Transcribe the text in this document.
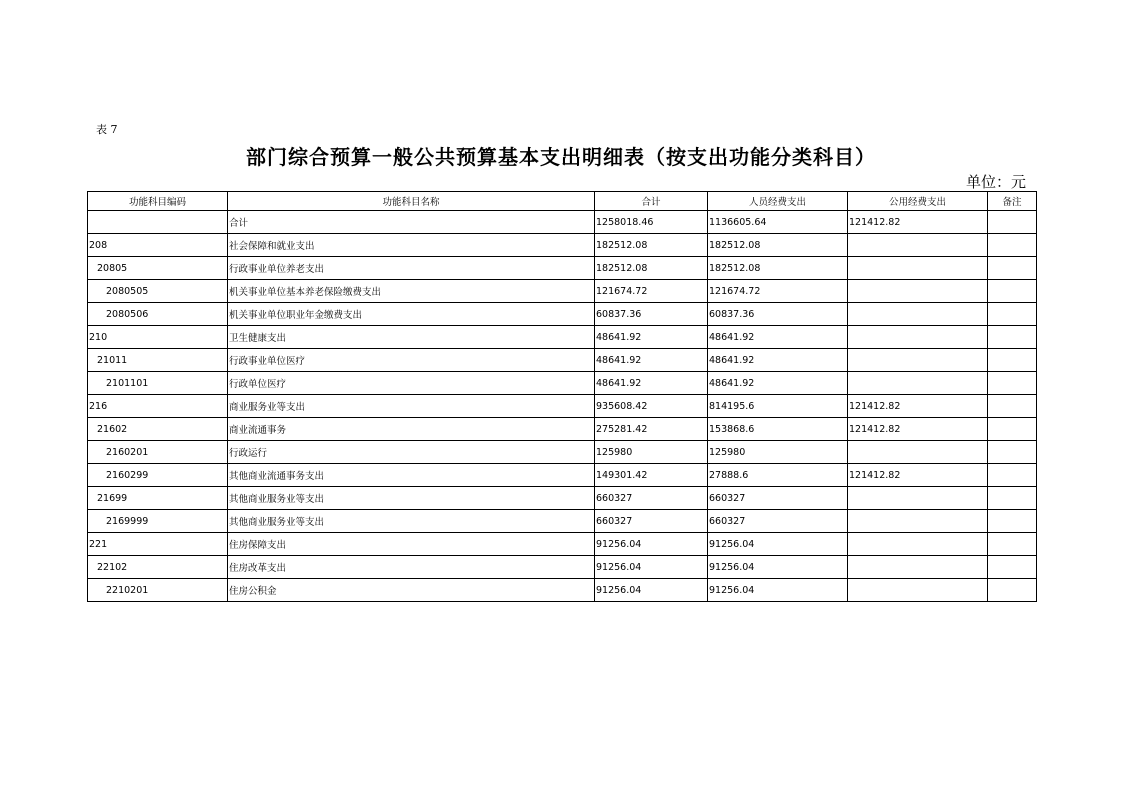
表 7
部门综合预算一般公共预算基本支出明细表（按支出功能分类科目）
单位：元
功能科目编码	功能科目名称	合计	人员经费支出	公用经费支出	备注
	合计	1258018.46	1136605.64	121412.82	
208	社会保障和就业支出	182512.08	182512.08		
20805	行政事业单位养老支出	182512.08	182512.08		
2080505	机关事业单位基本养老保险缴费支出	121674.72	121674.72		
2080506	机关事业单位职业年金缴费支出	60837.36	60837.36		
210	卫生健康支出	48641.92	48641.92		
21011	行政事业单位医疗	48641.92	48641.92		
2101101	行政单位医疗	48641.92	48641.92		
216	商业服务业等支出	935608.42	814195.6	121412.82	
21602	商业流通事务	275281.42	153868.6	121412.82	
2160201	行政运行	125980	125980		
2160299	其他商业流通事务支出	149301.42	27888.6	121412.82	
21699	其他商业服务业等支出	660327	660327		
2169999	其他商业服务业等支出	660327	660327		
221	住房保障支出	91256.04	91256.04		
22102	住房改革支出	91256.04	91256.04		
2210201	住房公积金	91256.04	91256.04		
